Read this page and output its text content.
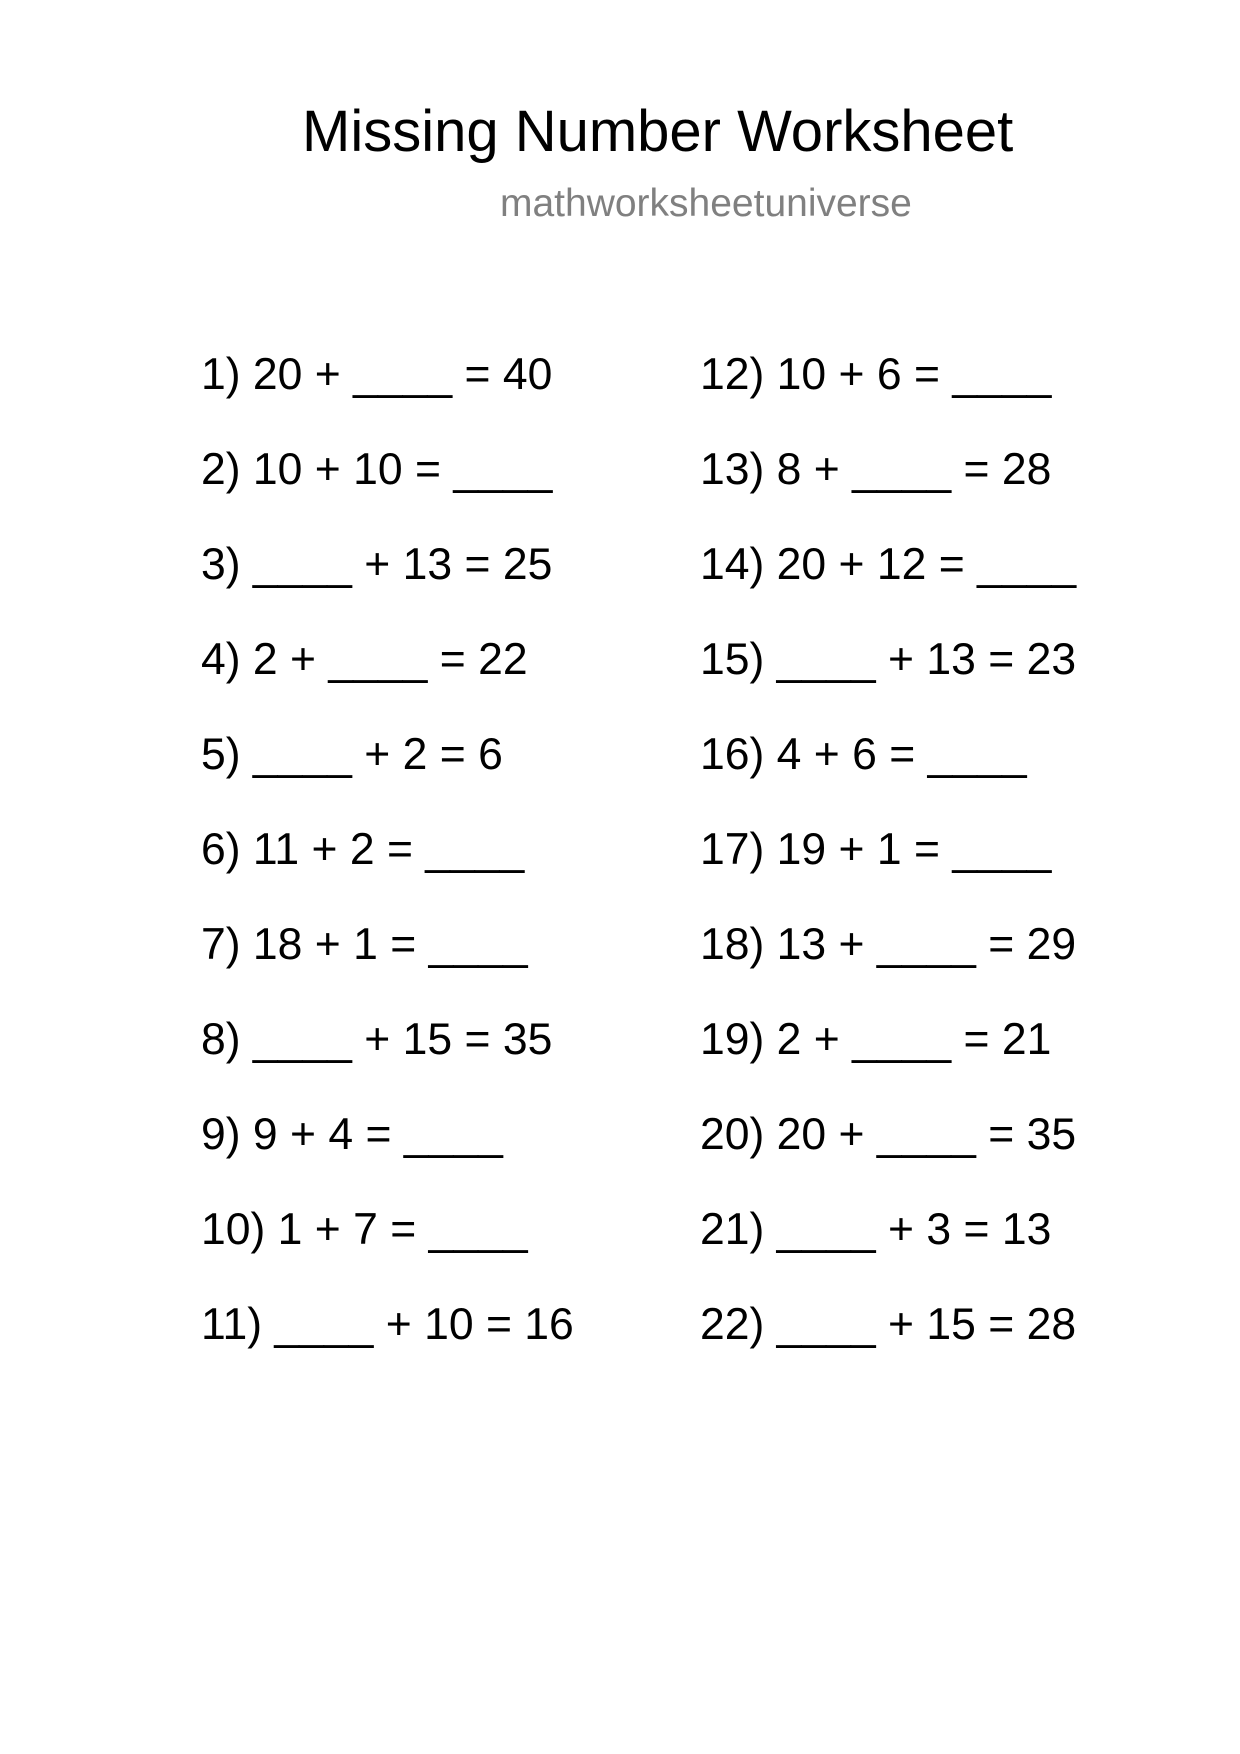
Missing Number Worksheet
mathworksheetuniverse
1) 20 + ____ = 40
2) 10 + 10 = ____
3) ____ + 13 = 25
4) 2 + ____ = 22
5) ____ + 2 = 6
6) 11 + 2 = ____
7) 18 + 1 = ____
8) ____ + 15 = 35
9) 9 + 4 = ____
10) 1 + 7 = ____
11) ____ + 10 = 16
12) 10 + 6 = ____
13) 8 + ____ = 28
14) 20 + 12 = ____
15) ____ + 13 = 23
16) 4 + 6 = ____
17) 19 + 1 = ____
18) 13 + ____ = 29
19) 2 + ____ = 21
20) 20 + ____ = 35
21) ____ + 3 = 13
22) ____ + 15 = 28
